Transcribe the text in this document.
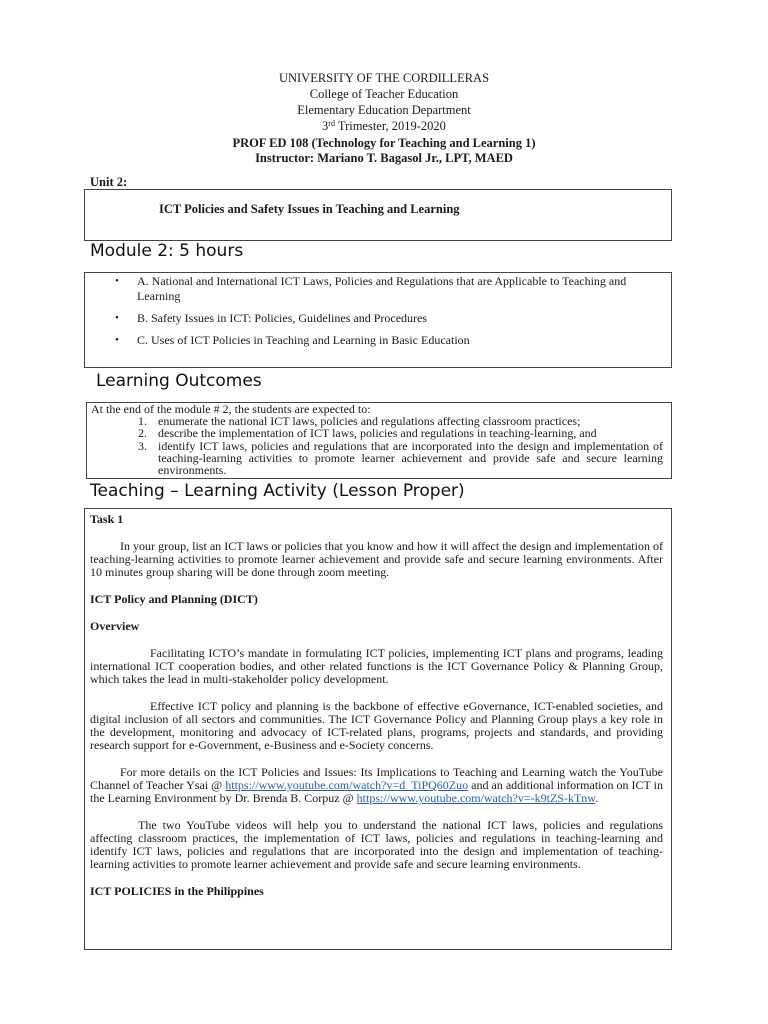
UNIVERSITY OF THE CORDILLERAS
College of Teacher Education
Elementary Education Department
3rd Trimester, 2019-2020
PROF ED 108 (Technology for Teaching and Learning 1)
Instructor: Mariano T. Bagasol Jr., LPT, MAED
Unit 2:
ICT Policies and Safety Issues in Teaching and Learning
Module 2: 5 hours
• A. National and International ICT Laws, Policies and Regulations that are Applicable to Teaching and Learning
• B. Safety Issues in ICT: Policies, Guidelines and Procedures
• C. Uses of ICT Policies in Teaching and Learning in Basic Education
Learning Outcomes
At the end of the module # 2, the students are expected to:
1. enumerate the national ICT laws, policies and regulations affecting classroom practices;
2. describe the implementation of ICT laws, policies and regulations in teaching-learning, and
3. identify ICT laws, policies and regulations that are incorporated into the design and implementation of teaching-learning activities to promote learner achievement and provide safe and secure learning environments.
Teaching – Learning Activity (Lesson Proper)

Task 1

In your group, list an ICT laws or policies that you know and how it will affect the design and implementation of teaching-learning activities to promote learner achievement and provide safe and secure learning environments. After 10 minutes group sharing will be done through zoom meeting.

ICT Policy and Planning (DICT)

Overview

Facilitating ICTO’s mandate in formulating ICT policies, implementing ICT plans and programs, leading international ICT cooperation bodies, and other related functions is the ICT Governance Policy & Planning Group, which takes the lead in multi-stakeholder policy development.

Effective ICT policy and planning is the backbone of effective eGovernance, ICT-enabled societies, and digital inclusion of all sectors and communities. The ICT Governance Policy and Planning Group plays a key role in the development, monitoring and advocacy of ICT-related plans, programs, projects and standards, and providing research support for e-Government, e-Business and e-Society concerns.

For more details on the ICT Policies and Issues: Its Implications to Teaching and Learning watch the YouTube Channel of Teacher Ysai @ https://www.youtube.com/watch?v=d_TiPQ60Zuo and an additional information on ICT in the Learning Environment by Dr. Brenda B. Corpuz @ https://www.youtube.com/watch?v=-k9tZS-kTnw.

The two YouTube videos will help you to understand the national ICT laws, policies and regulations affecting classroom practices, the implementation of ICT laws, policies and regulations in teaching-learning and identify ICT laws, policies and regulations that are incorporated into the design and implementation of teaching-learning activities to promote learner achievement and provide safe and secure learning environments.

ICT POLICIES in the Philippines
